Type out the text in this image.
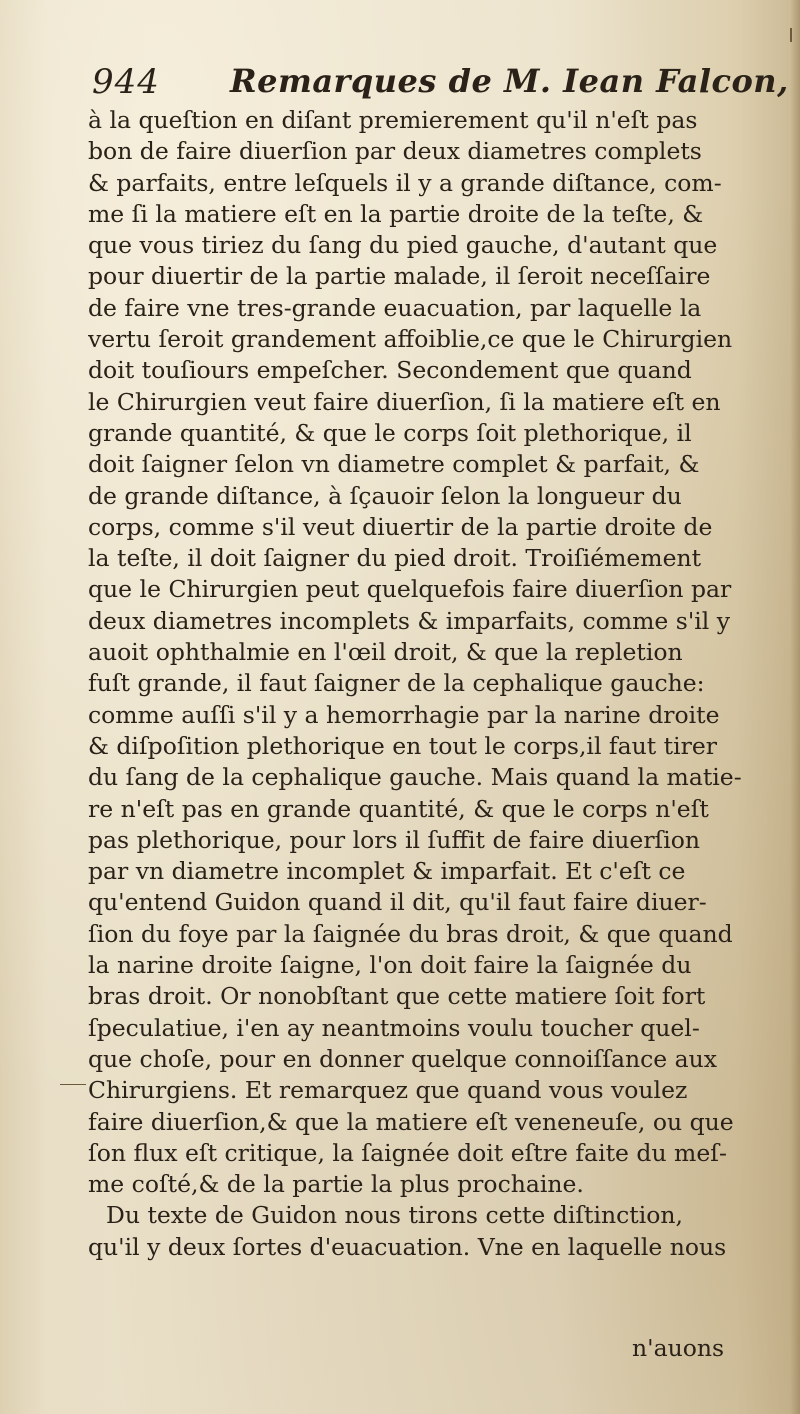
944 Remarques de M. Iean Falcon,
à la queſtion en diſant premierement qu'il n'eſt pas
bon de faire diuerſion par deux diametres complets
& parfaits, entre leſquels il y a grande diſtance, com-
me ſi la matiere eſt en la partie droite de la teſte, &
que vous tiriez du ſang du pied gauche, d'autant que
pour diuertir de la partie malade, il ſeroit neceſſaire
de faire vne tres-grande euacuation, par laquelle la
vertu ſeroit grandement affoiblie,ce que le Chirurgien
doit touſiours empeſcher. Secondement que quand
le Chirurgien veut faire diuerſion, ſi la matiere eſt en
grande quantité, & que le corps ſoit plethorique, il
doit ſaigner ſelon vn diametre complet & parfait, &
de grande diſtance, à ſçauoir ſelon la longueur du
corps, comme s'il veut diuertir de la partie droite de
la teſte, il doit ſaigner du pied droit. Troiſiémement
que le Chirurgien peut quelquefois faire diuerſion par
deux diametres incomplets & imparfaits, comme s'il y
auoit ophthalmie en l'œil droit, & que la repletion
fuſt grande, il faut ſaigner de la cephalique gauche:
comme auſſi s'il y a hemorrhagie par la narine droite
& diſpoſition plethorique en tout le corps,il faut tirer
du ſang de la cephalique gauche. Mais quand la matie-
re n'eſt pas en grande quantité, & que le corps n'eſt
pas plethorique, pour lors il ſuffit de faire diuerſion
par vn diametre incomplet & imparfait. Et c'eſt ce
qu'entend Guidon quand il dit, qu'il faut faire diuer-
ſion du foye par la ſaignée du bras droit, & que quand
la narine droite ſaigne, l'on doit faire la ſaignée du
bras droit. Or nonobſtant que cette matiere ſoit fort
ſpeculatiue, i'en ay neantmoins voulu toucher quel-
que choſe, pour en donner quelque connoiſſance aux
Chirurgiens. Et remarquez que quand vous voulez
faire diuerſion,& que la matiere eſt veneneuſe, ou que
ſon flux eſt critique, la ſaignée doit eſtre faite du meſ-
me coſté,& de la partie la plus prochaine.
Du texte de Guidon nous tirons cette diſtinction,
qu'il y deux ſortes d'euacuation. Vne en laquelle nous
n'auons
